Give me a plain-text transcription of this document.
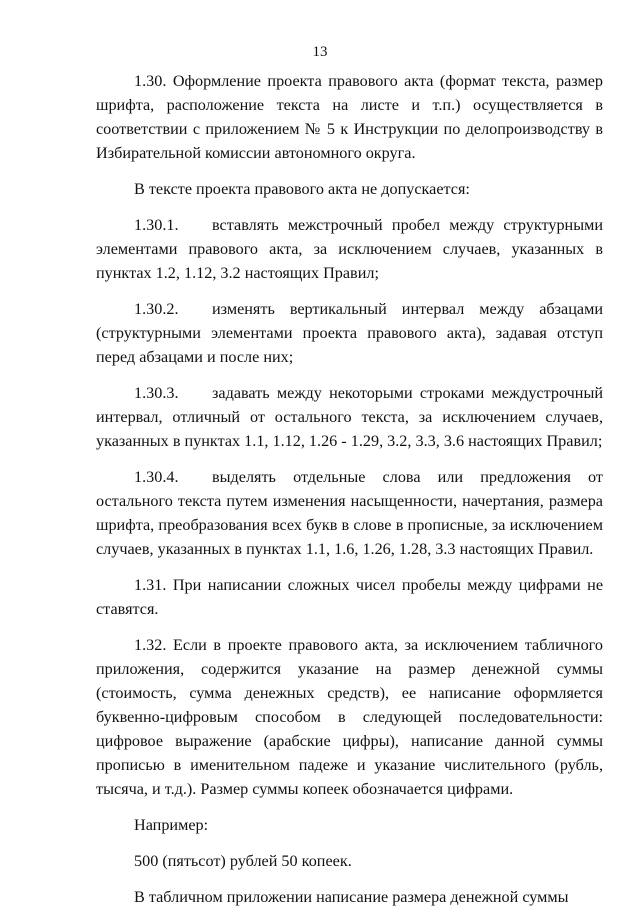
13

1.30. Оформление проекта правового акта (формат текста, размер шрифта, расположение текста на листе и т.п.) осуществляется в соответствии с приложением № 5 к Инструкции по делопроизводству в Избирательной комиссии автономного округа.

В тексте проекта правового акта не допускается:

1.30.1. вставлять межстрочный пробел между структурными элементами правового акта, за исключением случаев, указанных в пунктах 1.2, 1.12, 3.2 настоящих Правил;

1.30.2. изменять вертикальный интервал между абзацами (структурными элементами проекта правового акта), задавая отступ перед абзацами и после них;

1.30.3. задавать между некоторыми строками междустрочный интервал, отличный от остального текста, за исключением случаев, указанных в пунктах 1.1, 1.12, 1.26 - 1.29, 3.2, 3.3, 3.6 настоящих Правил;

1.30.4. выделять отдельные слова или предложения от остального текста путем изменения насыщенности, начертания, размера шрифта, преобразования всех букв в слове в прописные, за исключением случаев, указанных в пунктах 1.1, 1.6, 1.26, 1.28, 3.3 настоящих Правил.

1.31. При написании сложных чисел пробелы между цифрами не ставятся.

1.32. Если в проекте правового акта, за исключением табличного приложения, содержится указание на размер денежной суммы (стоимость, сумма денежных средств), ее написание оформляется буквенно-цифровым способом в следующей последовательности: цифровое выражение (арабские цифры), написание данной суммы прописью в именительном падеже и указание числительного (рубль, тысяча, и т.д.). Размер суммы копеек обозначается цифрами.

Например:

500 (пятьсот) рублей 50 копеек.

В табличном приложении написание размера денежной суммы
